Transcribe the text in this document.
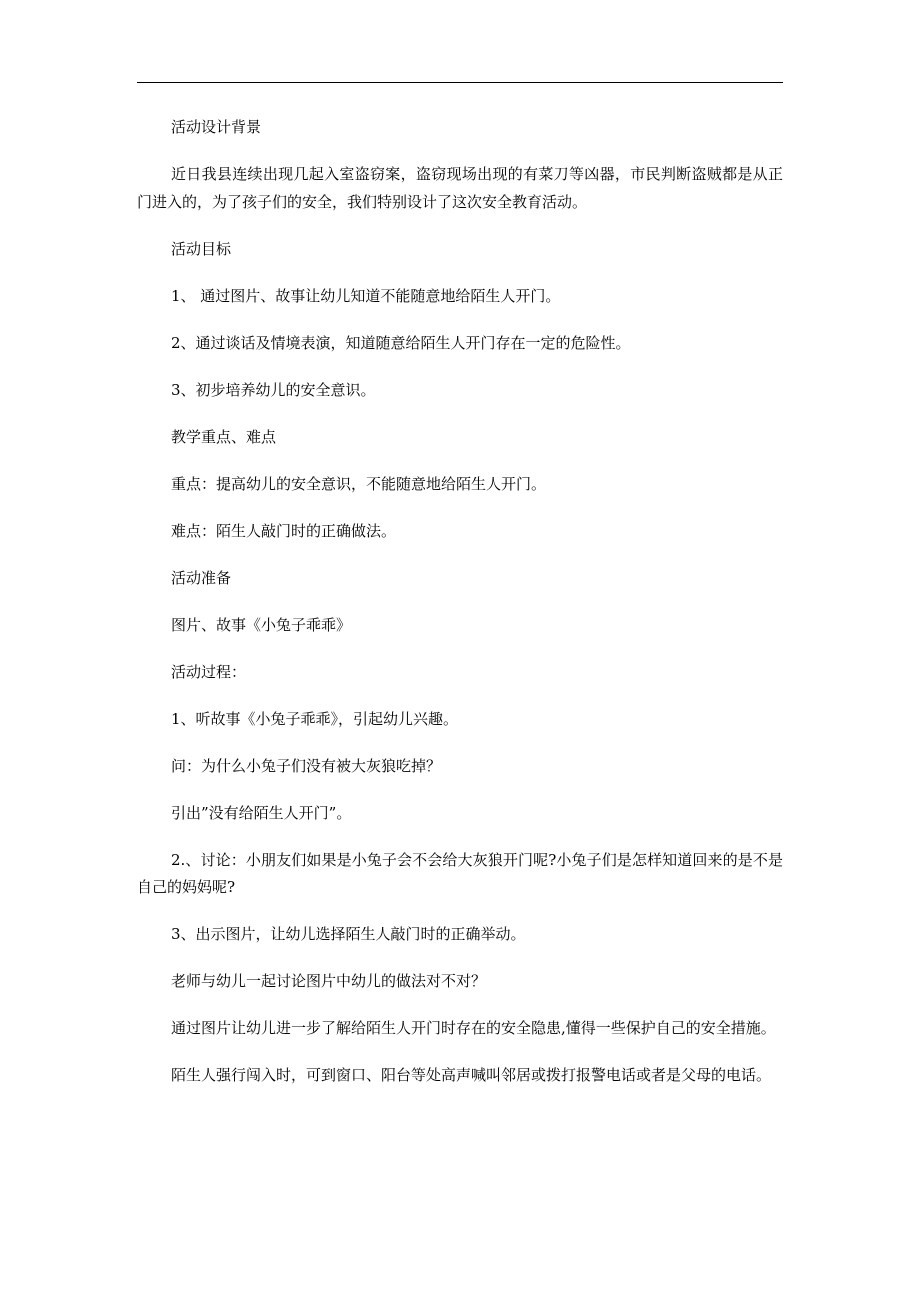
活动设计背景

近日我县连续出现几起入室盗窃案，盗窃现场出现的有菜刀等凶器，市民判断盗贼都是从正门进入的，为了孩子们的安全，我们特别设计了这次安全教育活动。

活动目标

1、 通过图片、故事让幼儿知道不能随意地给陌生人开门。

2、通过谈话及情境表演，知道随意给陌生人开门存在一定的危险性。

3、初步培养幼儿的安全意识。

教学重点、难点

重点：提高幼儿的安全意识，不能随意地给陌生人开门。

难点：陌生人敲门时的正确做法。

活动准备

图片、故事《小兔子乖乖》

活动过程：

1、听故事《小兔子乖乖》，引起幼儿兴趣。

问：为什么小兔子们没有被大灰狼吃掉？

引出”没有给陌生人开门”。

2.、讨论：小朋友们如果是小兔子会不会给大灰狼开门呢?小兔子们是怎样知道回来的是不是自己的妈妈呢?

3、出示图片，让幼儿选择陌生人敲门时的正确举动。

老师与幼儿一起讨论图片中幼儿的做法对不对？

通过图片让幼儿进一步了解给陌生人开门时存在的安全隐患,懂得一些保护自己的安全措施。

陌生人强行闯入时，可到窗口、阳台等处高声喊叫邻居或拨打报警电话或者是父母的电话。
